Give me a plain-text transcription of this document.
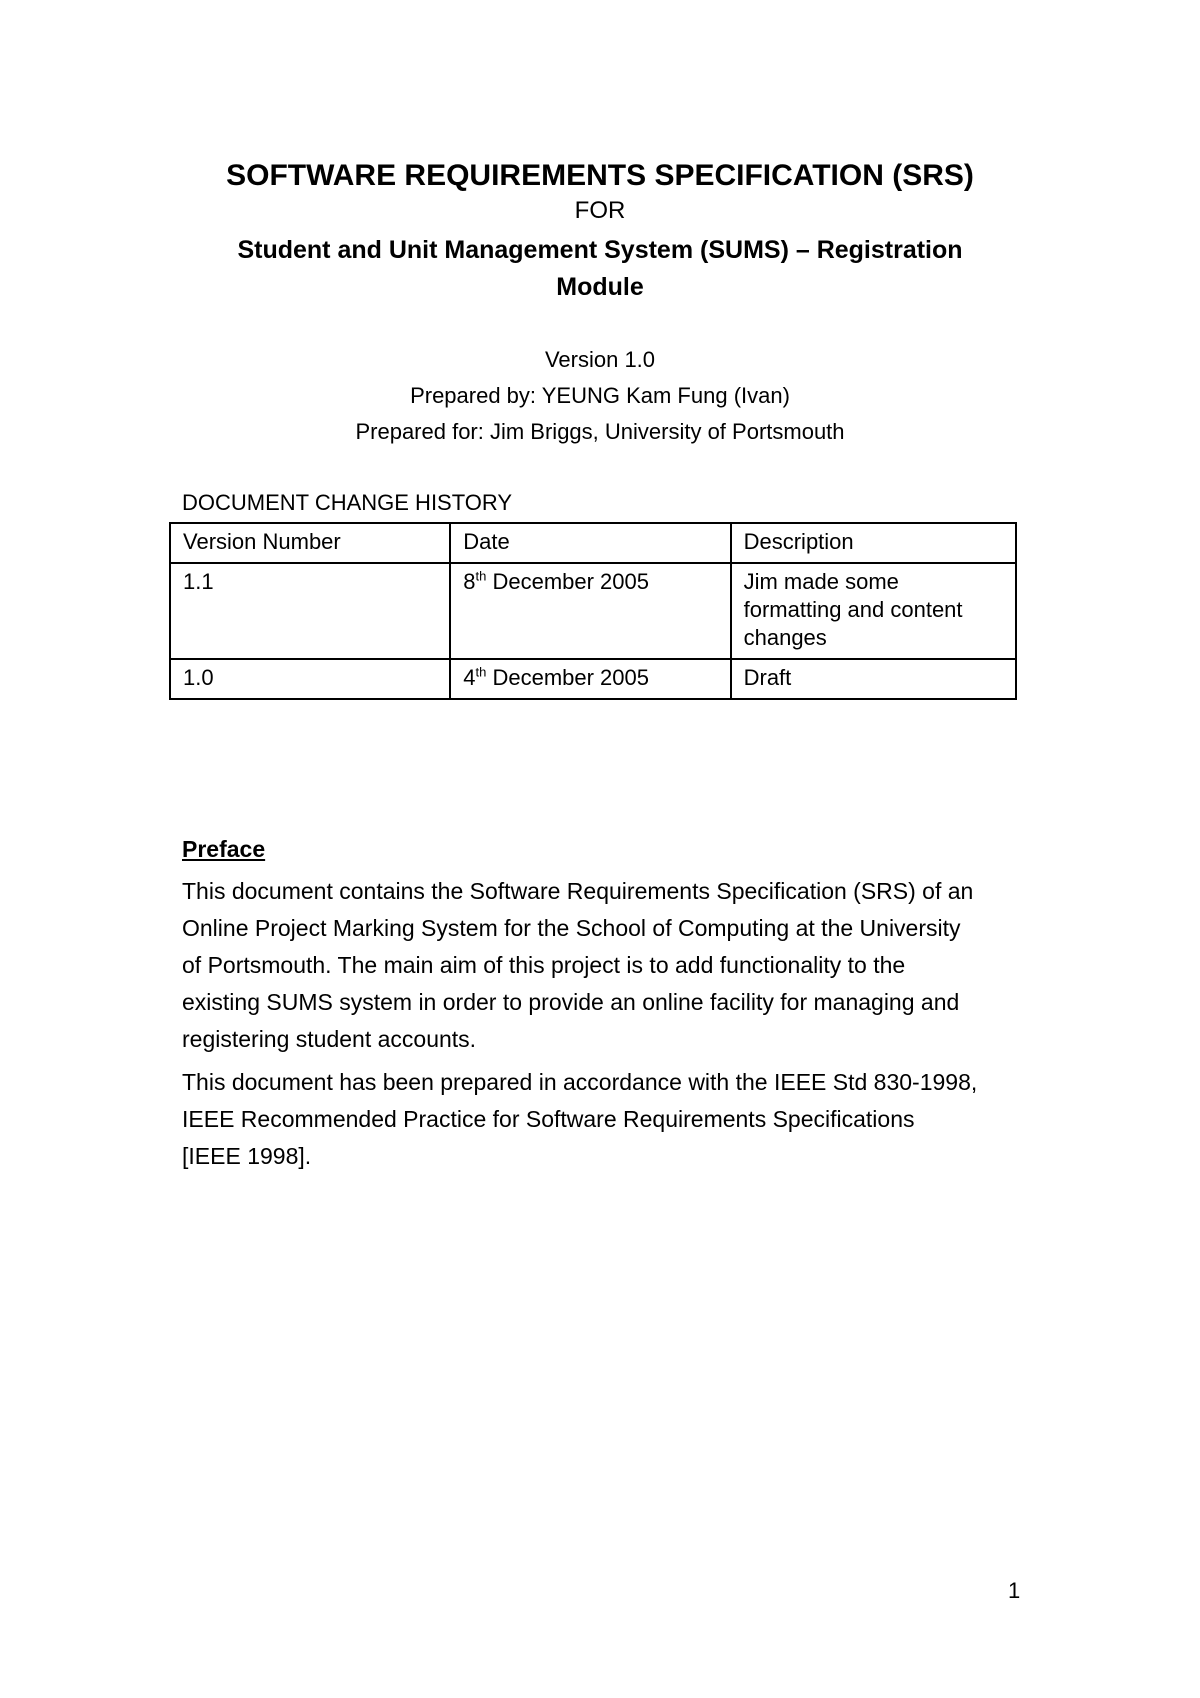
SOFTWARE REQUIREMENTS SPECIFICATION (SRS)

FOR

Student and Unit Management System (SUMS) – Registration
Module

Version 1.0

Prepared by: YEUNG Kam Fung (Ivan)

Prepared for: Jim Briggs, University of Portsmouth

DOCUMENT CHANGE HISTORY

Version Number	Date	Description
1.1	8th December 2005	Jim made some
formatting and content
changes

1.0	4th December 2005	Draft

Preface

This document contains the Software Requirements Specification (SRS) of an
Online Project Marking System for the School of Computing at the University
of Portsmouth. The main aim of this project is to add functionality to the
existing SUMS system in order to provide an online facility for managing and
registering student accounts.
This document has been prepared in accordance with the IEEE Std 830-1998,
IEEE Recommended Practice for Software Requirements Specifications
[IEEE 1998].

1
